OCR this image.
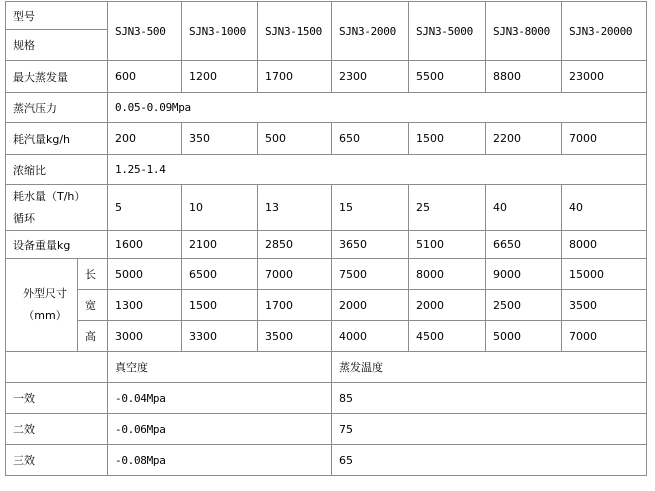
型号		SJN3-500	SJN3-1000	SJN3-1500	SJN3-2000	SJN3-5000	SJN3-8000	SJN3-20000
规格								
最大蒸发量		600	1200	1700	2300	5500	8800	23000
蒸汽压力		0.05-0.09Mpa						
耗汽量kg/h		200	350	500	650	1500	2200	7000
浓缩比		1.25-1.4						
耗水量（T/h）
循环		5	10	13	15	25	40	40
设备重量kg		1600	2100	2850	3650	5100	6650	8000
外型尺寸
（mm）	长	5000	6500	7000	7500	8000	9000	15000
	宽	1300	1500	1700	2000	2000	2500	3500
	高	3000	3300	3500	4000	4500	5000	7000
		真空度			蒸发温度			
一效		-0.04Mpa			85			
二效		-0.06Mpa			75			
三效		-0.08Mpa			65			
